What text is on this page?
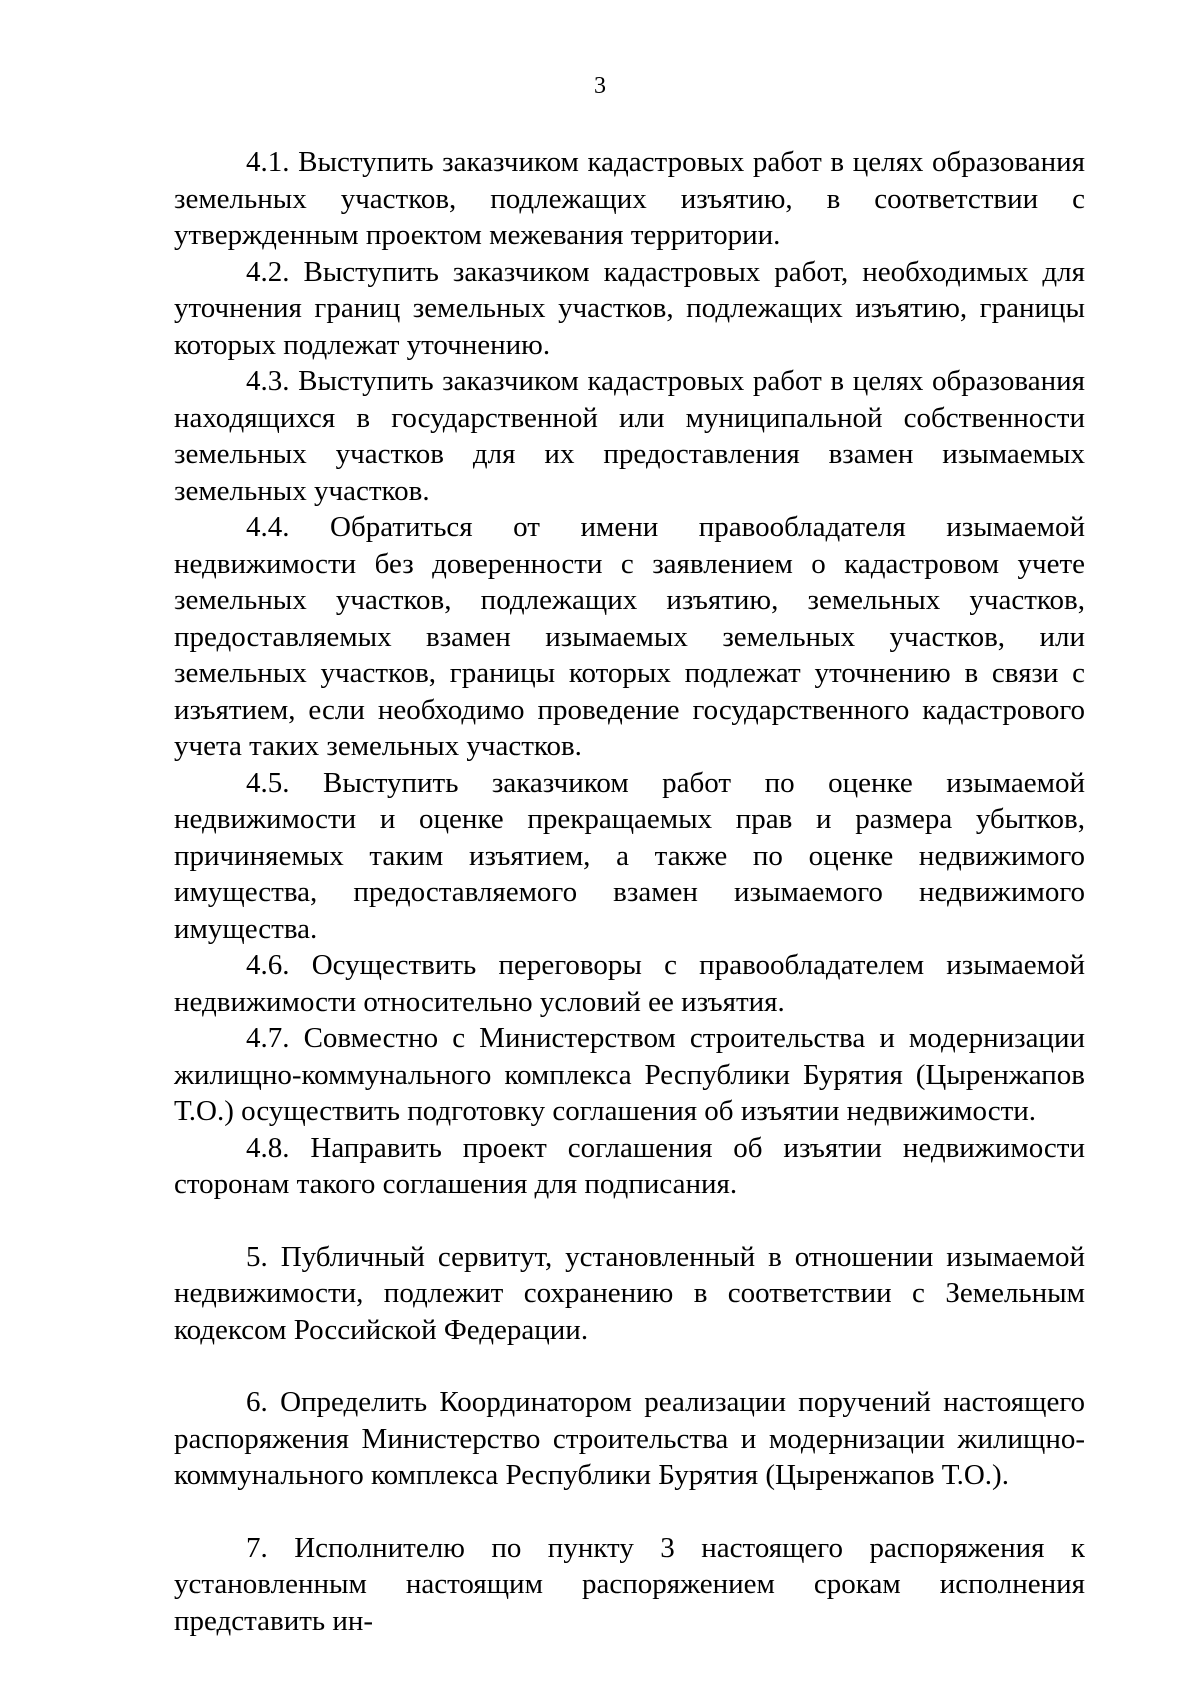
3

4.1. Выступить заказчиком кадастровых работ в целях образования земельных участков, подлежащих изъятию, в соответствии с утвержденным проектом межевания территории.

4.2. Выступить заказчиком кадастровых работ, необходимых для уточнения границ земельных участков, подлежащих изъятию, границы которых подлежат уточнению.

4.3. Выступить заказчиком кадастровых работ в целях образования находящихся в государственной или муниципальной собственности земельных участков для их предоставления взамен изымаемых земельных участков.

4.4. Обратиться от имени правообладателя изымаемой недвижимости без доверенности с заявлением о кадастровом учете земельных участков, подлежащих изъятию, земельных участков, предоставляемых взамен изымаемых земельных участков, или земельных участков, границы которых подлежат уточнению в связи с изъятием, если необходимо проведение государственного кадастрового учета таких земельных участков.

4.5. Выступить заказчиком работ по оценке изымаемой недвижимости и оценке прекращаемых прав и размера убытков, причиняемых таким изъятием, а также по оценке недвижимого имущества, предоставляемого взамен изымаемого недвижимого имущества.

4.6. Осуществить переговоры с правообладателем изымаемой недвижимости относительно условий ее изъятия.

4.7. Совместно с Министерством строительства и модернизации жилищно-коммунального комплекса Республики Бурятия (Цыренжапов Т.О.) осуществить подготовку соглашения об изъятии недвижимости.

4.8. Направить проект соглашения об изъятии недвижимости сторонам такого соглашения для подписания.

5. Публичный сервитут, установленный в отношении изымаемой недвижимости, подлежит сохранению в соответствии с Земельным кодексом Российской Федерации.

6. Определить Координатором реализации поручений настоящего распоряжения Министерство строительства и модернизации жилищно-коммунального комплекса Республики Бурятия (Цыренжапов Т.О.).

7. Исполнителю по пункту 3 настоящего распоряжения к установленным настоящим распоряжением срокам исполнения представить ин-
